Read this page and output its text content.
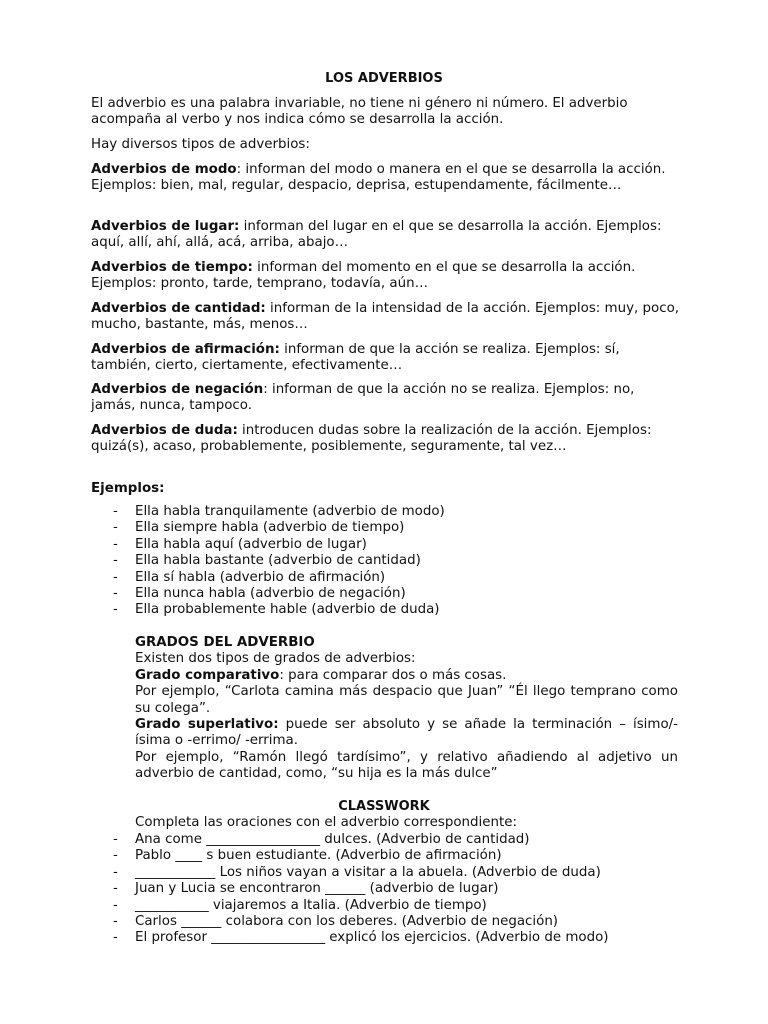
LOS ADVERBIOS

El adverbio es una palabra invariable, no tiene ni género ni número. El adverbio acompaña al verbo y nos indica cómo se desarrolla la acción.

Hay diversos tipos de adverbios:

Adverbios de modo: informan del modo o manera en el que se desarrolla la acción. Ejemplos: bien, mal, regular, despacio, deprisa, estupendamente, fácilmente…

Adverbios de lugar: informan del lugar en el que se desarrolla la acción. Ejemplos: aquí, allí, ahí, allá, acá, arriba, abajo…

Adverbios de tiempo: informan del momento en el que se desarrolla la acción. Ejemplos: pronto, tarde, temprano, todavía, aún…

Adverbios de cantidad: informan de la intensidad de la acción. Ejemplos: muy, poco, mucho, bastante, más, menos…

Adverbios de afirmación: informan de que la acción se realiza. Ejemplos: sí, también, cierto, ciertamente, efectivamente…

Adverbios de negación: informan de que la acción no se realiza. Ejemplos: no, jamás, nunca, tampoco.

Adverbios de duda: introducen dudas sobre la realización de la acción. Ejemplos: quizá(s), acaso, probablemente, posiblemente, seguramente, tal vez…

Ejemplos:

- Ella habla tranquilamente (adverbio de modo)
- Ella siempre habla (adverbio de tiempo)
- Ella habla aquí (adverbio de lugar)
- Ella habla bastante (adverbio de cantidad)
- Ella sí habla (adverbio de afirmación)
- Ella nunca habla (adverbio de negación)
- Ella probablemente hable (adverbio de duda)
GRADOS DEL ADVERBIO
Existen dos tipos de grados de adverbios:
Grado comparativo: para comparar dos o más cosas.
Por ejemplo, “Carlota camina más despacio que Juan” “Él llego temprano como su colega”.
Grado superlativo: puede ser absoluto y se añade la terminación – ísimo/-ísima o -errimo/ -errima.
Por ejemplo, “Ramón llegó tardísimo”, y relativo añadiendo al adjetivo un adverbio de cantidad, como, “su hija es la más dulce”
CLASSWORK
Completa las oraciones con el adverbio correspondiente:
- Ana come _________________ dulces. (Adverbio de cantidad)
- Pablo ____ s buen estudiante. (Adverbio de afirmación)
- ____________ Los niños vayan a visitar a la abuela. (Adverbio de duda)
- Juan y Lucia se encontraron ______ (adverbio de lugar)
- ___________ viajaremos a Italia. (Adverbio de tiempo)
- Carlos ______ colabora con los deberes. (Adverbio de negación)
- El profesor _________________ explicó los ejercicios. (Adverbio de modo)
